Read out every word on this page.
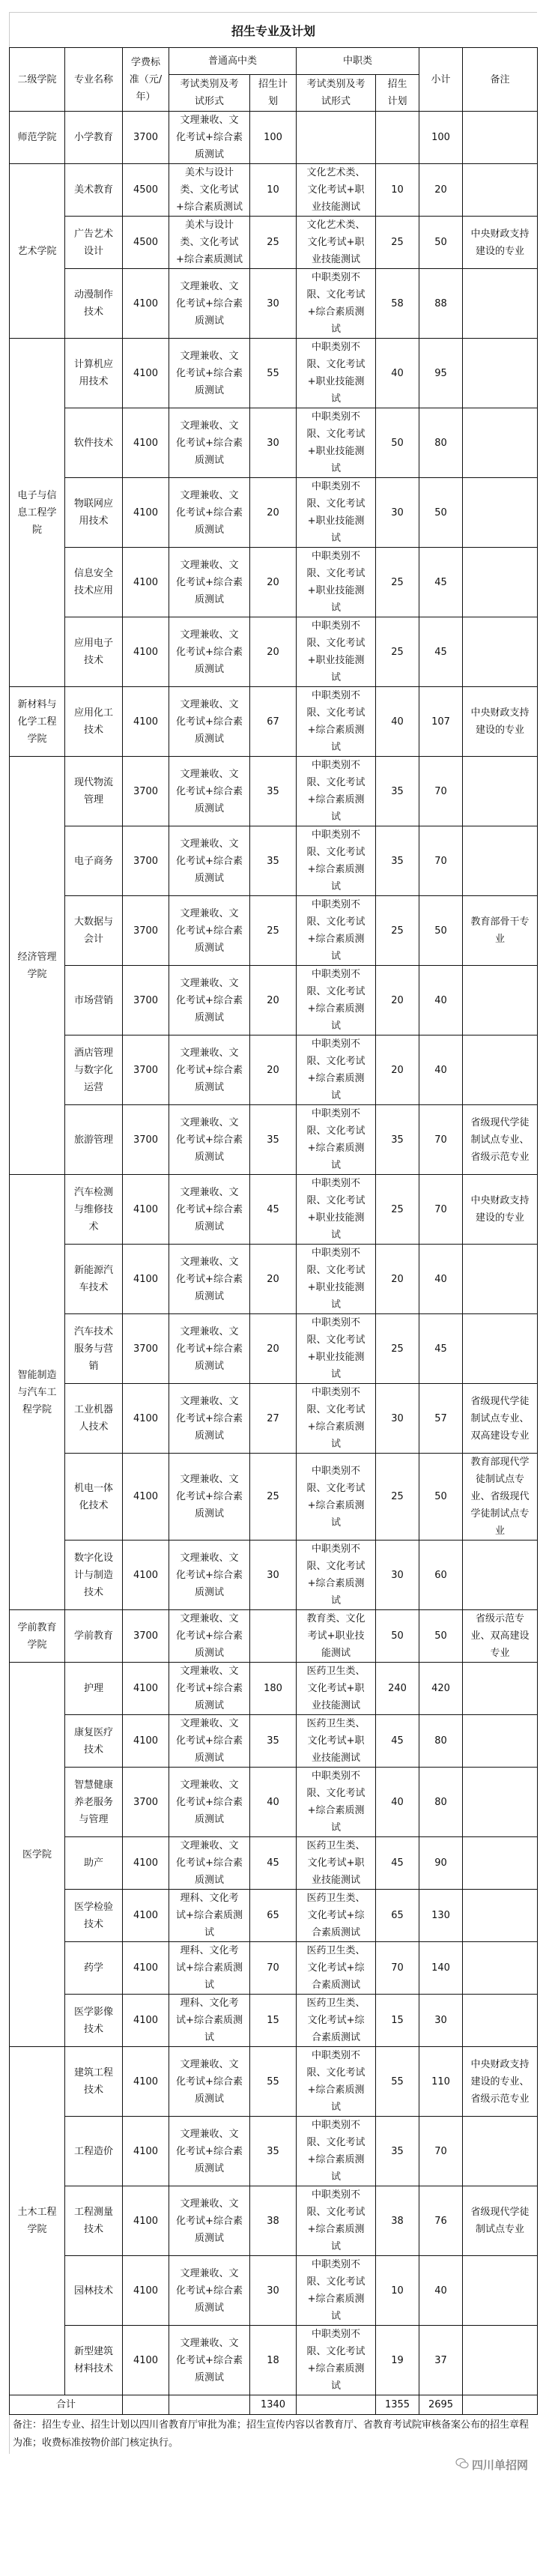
招生专业及计划
二级学院	专业名称	学费标准（元/年）	普通高中类		中职类		小计	备注
			考试类别及考试形式	招生计划	考试类别及考试形式	招生计划		
师范学院	小学教育	3700	文理兼收、文化考试+综合素质测试	100			100	
艺术学院	美术教育	4500	美术与设计类、文化考试+综合素质测试	10	文化艺术类、文化考试+职业技能测试	10	20	
	广告艺术设计	4500	美术与设计类、文化考试+综合素质测试	25	文化艺术类、文化考试+职业技能测试	25	50	中央财政支持建设的专业
	动漫制作技术	4100	文理兼收、文化考试+综合素质测试	30	中职类别不限、文化考试+综合素质测试	58	88	
电子与信息工程学院	计算机应用技术	4100	文理兼收、文化考试+综合素质测试	55	中职类别不限、文化考试+职业技能测试	40	95	
	软件技术	4100	文理兼收、文化考试+综合素质测试	30	中职类别不限、文化考试+职业技能测试	50	80	
	物联网应用技术	4100	文理兼收、文化考试+综合素质测试	20	中职类别不限、文化考试+职业技能测试	30	50	
	信息安全技术应用	4100	文理兼收、文化考试+综合素质测试	20	中职类别不限、文化考试+职业技能测试	25	45	
	应用电子技术	4100	文理兼收、文化考试+综合素质测试	20	中职类别不限、文化考试+职业技能测试	25	45	
新材料与化学工程学院	应用化工技术	4100	文理兼收、文化考试+综合素质测试	67	中职类别不限、文化考试+综合素质测试	40	107	中央财政支持建设的专业
经济管理学院	现代物流管理	3700	文理兼收、文化考试+综合素质测试	35	中职类别不限、文化考试+综合素质测试	35	70	
	电子商务	3700	文理兼收、文化考试+综合素质测试	35	中职类别不限、文化考试+综合素质测试	35	70	
	大数据与会计	3700	文理兼收、文化考试+综合素质测试	25	中职类别不限、文化考试+综合素质测试	25	50	教育部骨干专业
	市场营销	3700	文理兼收、文化考试+综合素质测试	20	中职类别不限、文化考试+综合素质测试	20	40	
	酒店管理与数字化运营	3700	文理兼收、文化考试+综合素质测试	20	中职类别不限、文化考试+综合素质测试	20	40	
	旅游管理	3700	文理兼收、文化考试+综合素质测试	35	中职类别不限、文化考试+综合素质测试	35	70	省级现代学徒制试点专业、省级示范专业
智能制造与汽车工程学院	汽车检测与维修技术	4100	文理兼收、文化考试+综合素质测试	45	中职类别不限、文化考试+职业技能测试	25	70	中央财政支持建设的专业
	新能源汽车技术	4100	文理兼收、文化考试+综合素质测试	20	中职类别不限、文化考试+职业技能测试	20	40	
	汽车技术服务与营销	3700	文理兼收、文化考试+综合素质测试	20	中职类别不限、文化考试+职业技能测试	25	45	
	工业机器人技术	4100	文理兼收、文化考试+综合素质测试	27	中职类别不限、文化考试+综合素质测试	30	57	省级现代学徒制试点专业、双高建设专业
	机电一体化技术	4100	文理兼收、文化考试+综合素质测试	25	中职类别不限、文化考试+综合素质测试	25	50	教育部现代学徒制试点专业、省级现代学徒制试点专业
	数字化设计与制造技术	4100	文理兼收、文化考试+综合素质测试	30	中职类别不限、文化考试+综合素质测试	30	60	
学前教育学院	学前教育	3700	文理兼收、文化考试+综合素质测试		教育类、文化考试+职业技能测试	50	50	省级示范专业、双高建设专业
医学院	护理	4100	文理兼收、文化考试+综合素质测试	180	医药卫生类、文化考试+职业技能测试	240	420	
	康复医疗技术	4100	文理兼收、文化考试+综合素质测试	35	医药卫生类、文化考试+职业技能测试	45	80	
	智慧健康养老服务与管理	3700	文理兼收、文化考试+综合素质测试	40	中职类别不限、文化考试+综合素质测试	40	80	
	助产	4100	文理兼收、文化考试+综合素质测试	45	医药卫生类、文化考试+职业技能测试	45	90	
	医学检验技术	4100	理科、文化考试+综合素质测试	65	医药卫生类、文化考试+综合素质测试	65	130	
	药学	4100	理科、文化考试+综合素质测试	70	医药卫生类、文化考试+综合素质测试	70	140	
	医学影像技术	4100	理科、文化考试+综合素质测试	15	医药卫生类、文化考试+综合素质测试	15	30	
土木工程学院	建筑工程技术	4100	文理兼收、文化考试+综合素质测试	55	中职类别不限、文化考试+综合素质测试	55	110	中央财政支持建设的专业、省级示范专业
	工程造价	4100	文理兼收、文化考试+综合素质测试	35	中职类别不限、文化考试+综合素质测试	35	70	
	工程测量技术	4100	文理兼收、文化考试+综合素质测试	38	中职类别不限、文化考试+综合素质测试	38	76	省级现代学徒制试点专业
	园林技术	4100	文理兼收、文化考试+综合素质测试	30	中职类别不限、文化考试+综合素质测试	10	40	
	新型建筑材料技术	4100	文理兼收、文化考试+综合素质测试	18	中职类别不限、文化考试+综合素质测试	19	37	
合计				1340		1355	2695	
备注：招生专业、招生计划以四川省教育厅审批为准；招生宣传内容以省教育厅、省教育考试院审核备案公布的招生章程为准；收费标准按物价部门核定执行。
四川单招网
